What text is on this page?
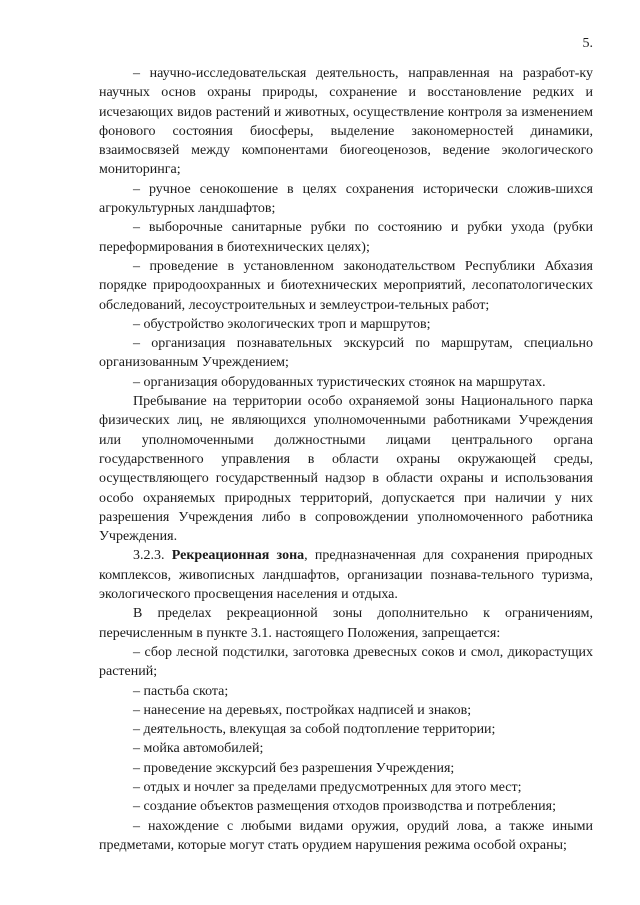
5.

– научно-исследовательская деятельность, направленная на разработ-ку научных основ охраны природы, сохранение и восстановление редких и исчезающих видов растений и животных, осуществление контроля за изменением фонового состояния биосферы, выделение закономерностей динамики, взаимосвязей между компонентами биогеоценозов, ведение экологического мониторинга;

– ручное сенокошение в целях сохранения исторически сложив-шихся агрокультурных ландшафтов;

– выборочные санитарные рубки по состоянию и рубки ухода (рубки переформирования в биотехнических целях);

– проведение в установленном законодательством Республики Абхазия порядке природоохранных и биотехнических мероприятий, лесопатологических обследований, лесоустроительных и землеустрои-тельных работ;

– обустройство экологических троп и маршрутов;

– организация познавательных экскурсий по маршрутам, специально организованным Учреждением;

– организация оборудованных туристических стоянок на маршрутах.

Пребывание на территории особо охраняемой зоны Национального парка физических лиц, не являющихся уполномоченными работниками Учреждения или уполномоченными должностными лицами центрального органа государственного управления в области охраны окружающей среды, осуществляющего государственный надзор в области охраны и использования особо охраняемых природных территорий, допускается при наличии у них разрешения Учреждения либо в сопровождении уполномоченного работника Учреждения.

3.2.3. Рекреационная зона, предназначенная для сохранения природных комплексов, живописных ландшафтов, организации познава-тельного туризма, экологического просвещения населения и отдыха.

В пределах рекреационной зоны дополнительно к ограничениям, перечисленным в пункте 3.1. настоящего Положения, запрещается:

– сбор лесной подстилки, заготовка древесных соков и смол, дикорастущих растений;

– пастьба скота;

– нанесение на деревьях, постройках надписей и знаков;

– деятельность, влекущая за собой подтопление территории;

– мойка автомобилей;

– проведение экскурсий без разрешения Учреждения;

– отдых и ночлег за пределами предусмотренных для этого мест;

– создание объектов размещения отходов производства и потребления;

– нахождение с любыми видами оружия, орудий лова, а также иными предметами, которые могут стать орудием нарушения режима особой охраны;
